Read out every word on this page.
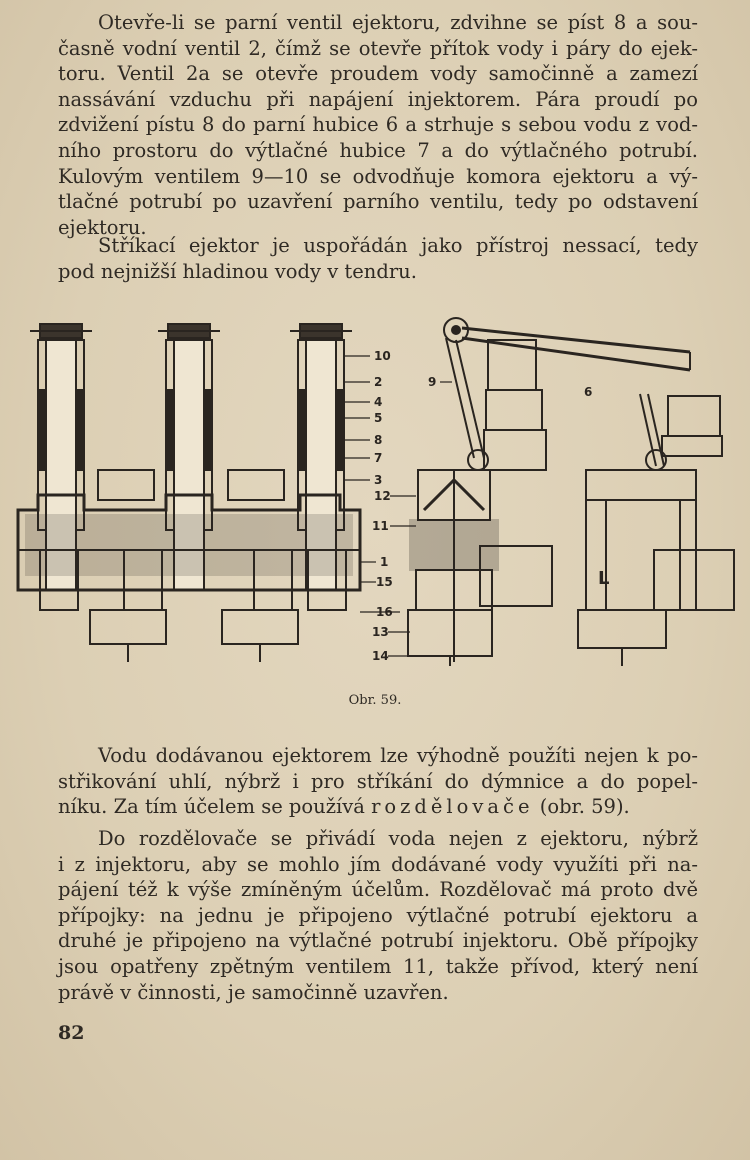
Otevře-li se parní ventil ejektoru, zdvihne se píst 8 a sou-
časně vodní ventil 2, čímž se otevře přítok vody i páry do ejek-
toru. Ventil 2a se otevře proudem vody samočinně a zamezí
nassávání vzduchu při napájení injektorem. Pára proudí po
zdvižení pístu 8 do parní hubice 6 a strhuje s sebou vodu z vod-
ního prostoru do výtlačné hubice 7 a do výtlačného potrubí.
Kulovým ventilem 9—10 se odvodňuje komora ejektoru a vý-
tlačné potrubí po uzavření parního ventilu, tedy po odstavení
ejektoru.

Stříkací ejektor je uspořádán jako přístroj nessací, tedy
pod nejnižší hladinou vody v tendru.

10
2
4
5
8
7
3
12
11
1
15
16
13
14
9
6
L
Obr. 59.

Vodu dodávanou ejektorem lze výhodně použíti nejen k po-
střikování uhlí, nýbrž i pro stříkání do dýmnice a do popel-
níku. Za tím účelem se používá rozdělovače (obr. 59).

Do rozdělovače se přivádí voda nejen z ejektoru, nýbrž
i z injektoru, aby se mohlo jím dodávané vody využíti při na-
pájení též k výše zmíněným účelům. Rozdělovač má proto dvě
přípojky: na jednu je připojeno výtlačné potrubí ejektoru a
druhé je připojeno na výtlačné potrubí injektoru. Obě přípojky
jsou opatřeny zpětným ventilem 11, takže přívod, který není
právě v činnosti, je samočinně uzavřen.

82
